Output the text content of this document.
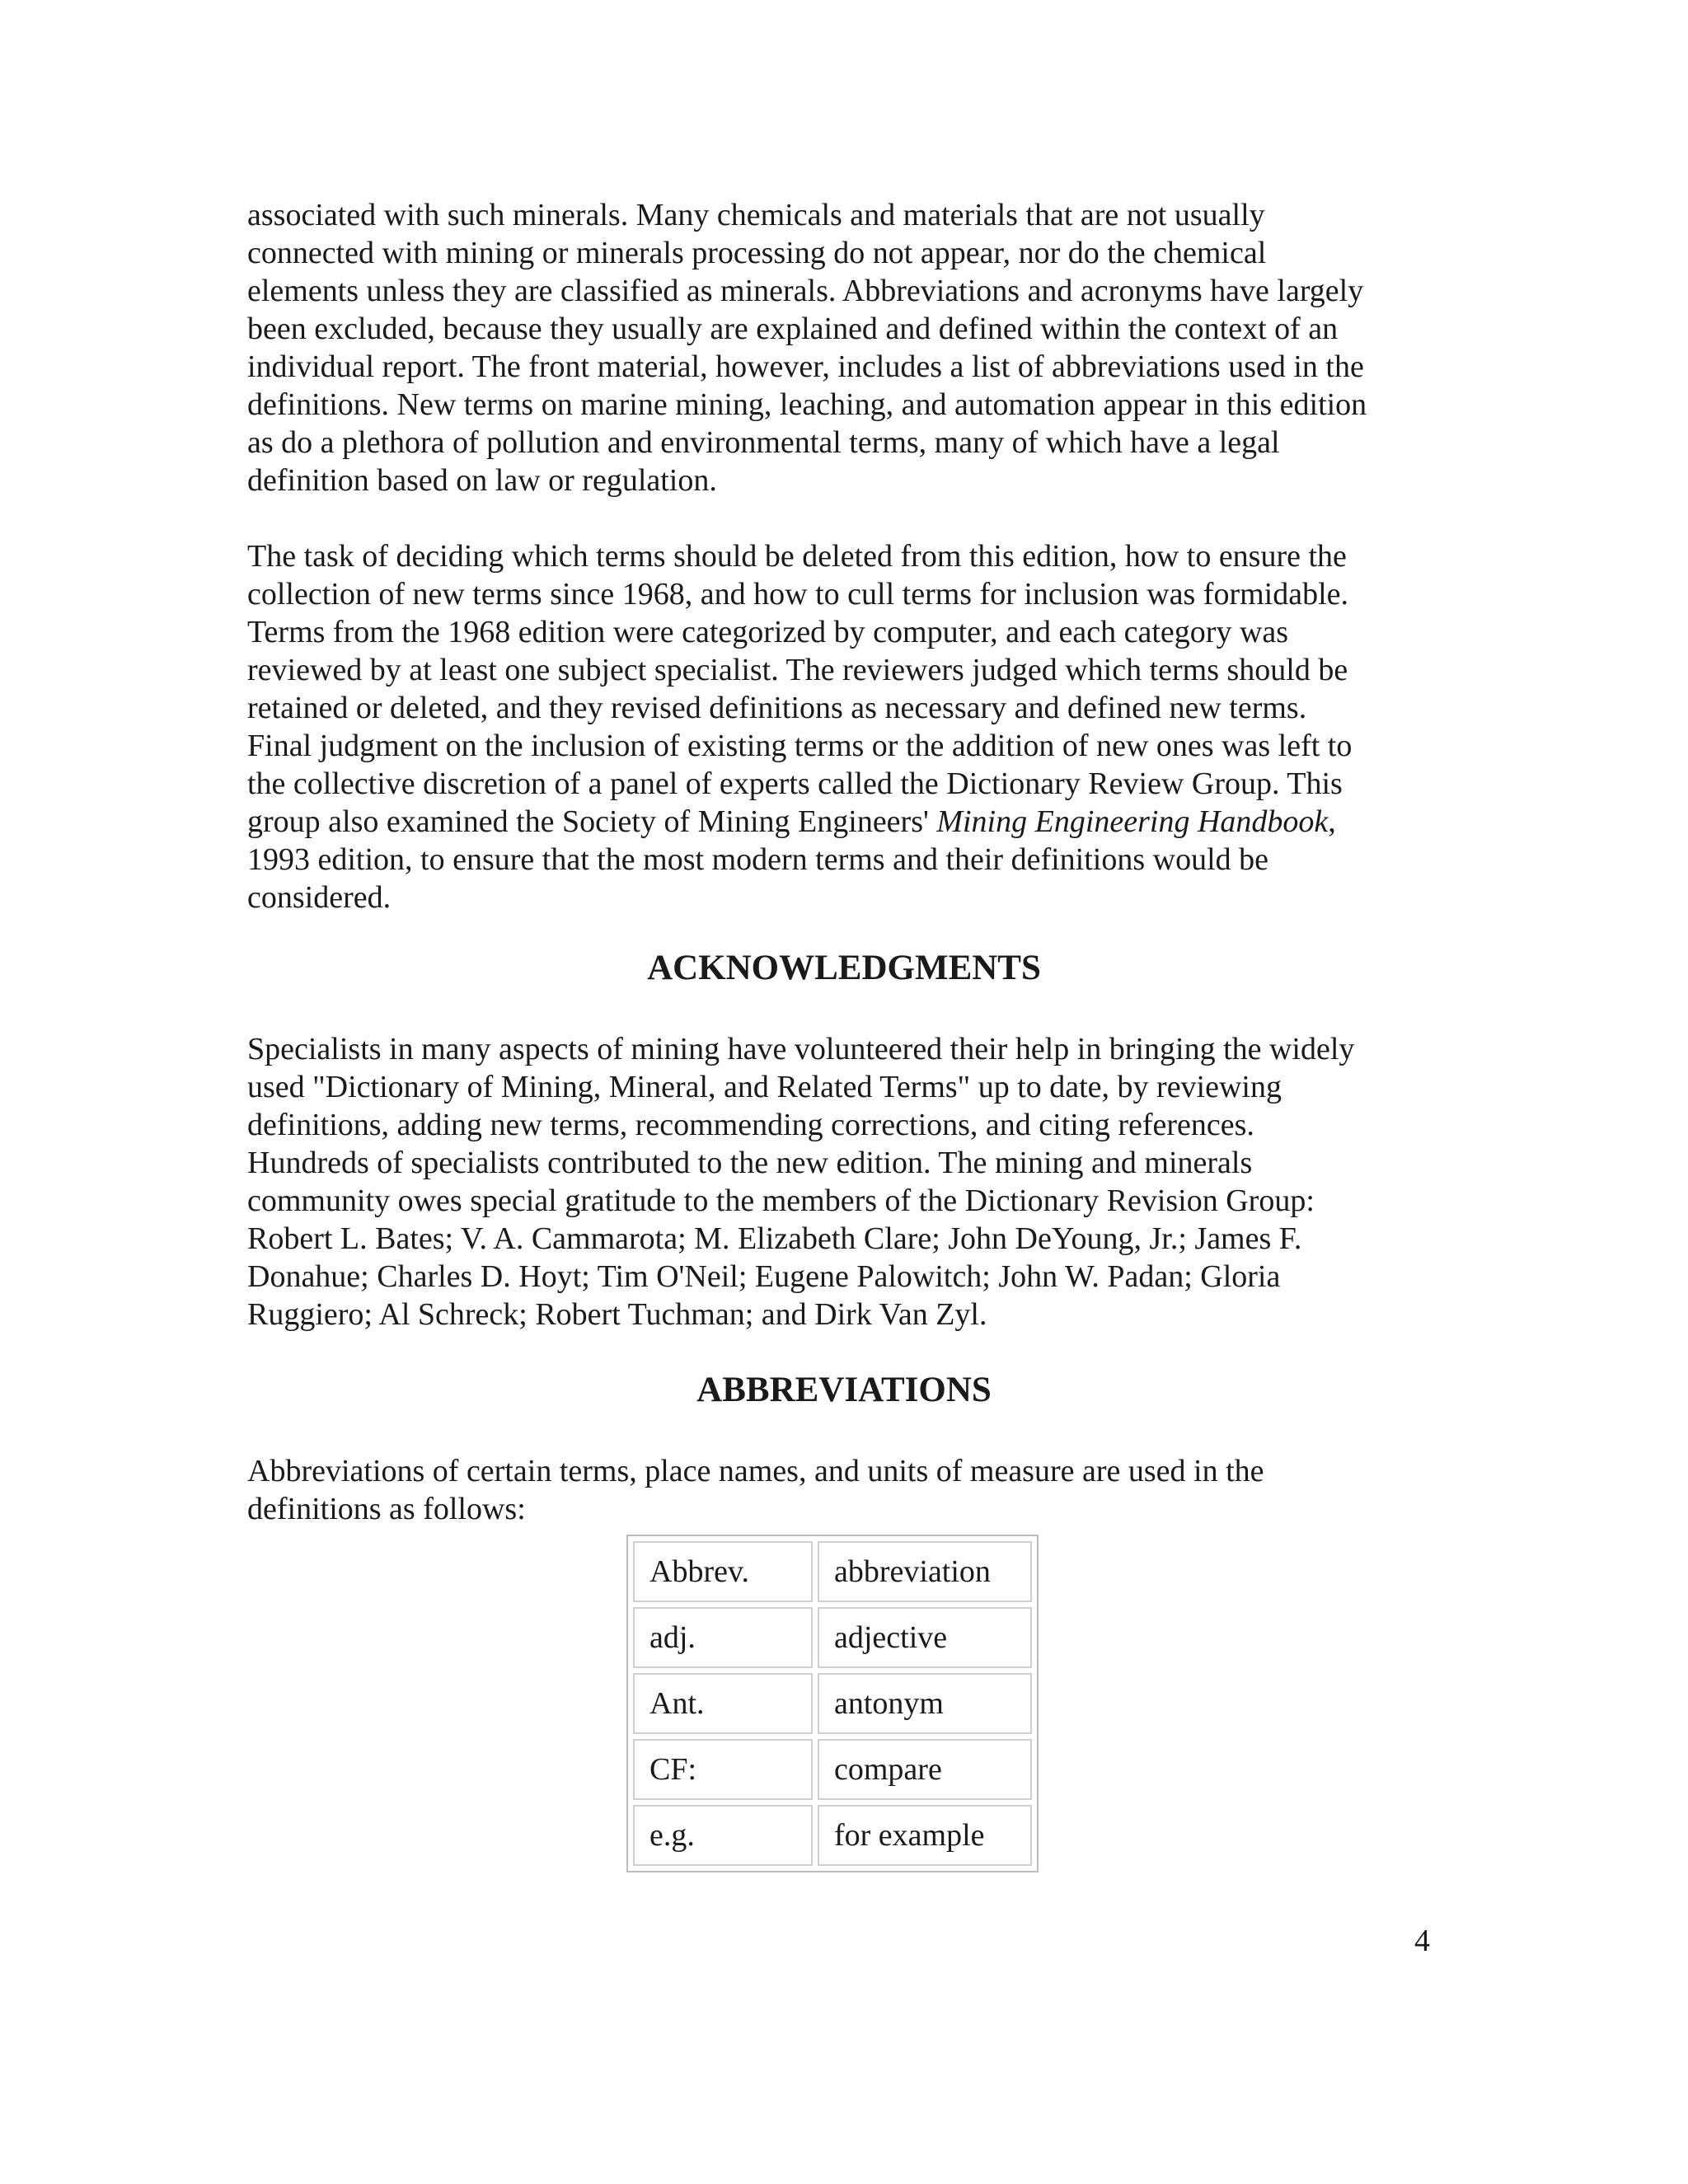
associated with such minerals. Many chemicals and materials that are not usually
connected with mining or minerals processing do not appear, nor do the chemical
elements unless they are classified as minerals. Abbreviations and acronyms have largely
been excluded, because they usually are explained and defined within the context of an
individual report. The front material, however, includes a list of abbreviations used in the
definitions. New terms on marine mining, leaching, and automation appear in this edition
as do a plethora of pollution and environmental terms, many of which have a legal
definition based on law or regulation.

The task of deciding which terms should be deleted from this edition, how to ensure the
collection of new terms since 1968, and how to cull terms for inclusion was formidable.
Terms from the 1968 edition were categorized by computer, and each category was
reviewed by at least one subject specialist. The reviewers judged which terms should be
retained or deleted, and they revised definitions as necessary and defined new terms.
Final judgment on the inclusion of existing terms or the addition of new ones was left to
the collective discretion of a panel of experts called the Dictionary Review Group. This
group also examined the Society of Mining Engineers' Mining Engineering Handbook,
1993 edition, to ensure that the most modern terms and their definitions would be
considered.

ACKNOWLEDGMENTS

Specialists in many aspects of mining have volunteered their help in bringing the widely
used "Dictionary of Mining, Mineral, and Related Terms" up to date, by reviewing
definitions, adding new terms, recommending corrections, and citing references.
Hundreds of specialists contributed to the new edition. The mining and minerals
community owes special gratitude to the members of the Dictionary Revision Group:
Robert L. Bates; V. A. Cammarota; M. Elizabeth Clare; John DeYoung, Jr.; James F.
Donahue; Charles D. Hoyt; Tim O'Neil; Eugene Palowitch; John W. Padan; Gloria
Ruggiero; Al Schreck; Robert Tuchman; and Dirk Van Zyl.

ABBREVIATIONS

Abbreviations of certain terms, place names, and units of measure are used in the
definitions as follows:

Abbrev.	abbreviation
adj.	adjective
Ant.	antonym
CF:	compare
e.g.	for example

4
